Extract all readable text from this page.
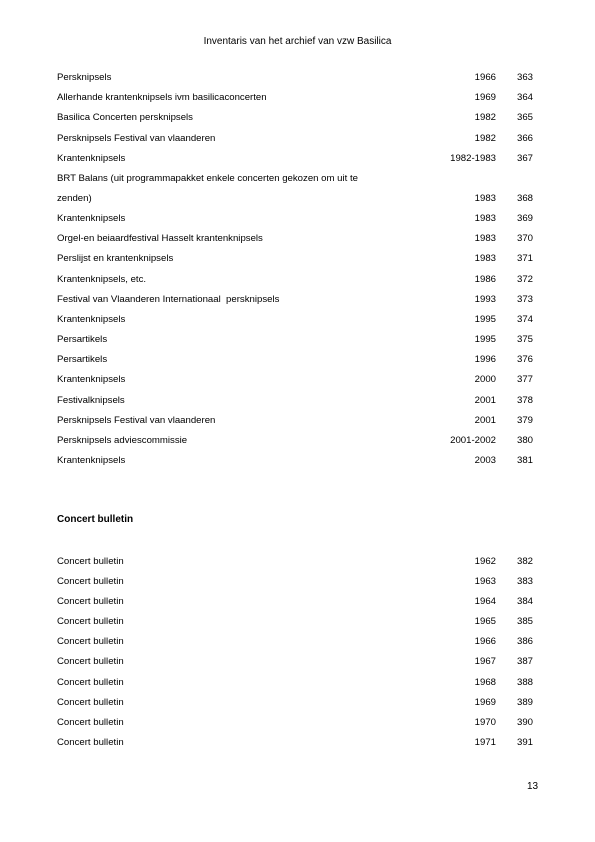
Inventaris van het archief van vzw Basilica
Persknipsels	1966 363
Allerhande krantenknipsels ivm basilicaconcerten	1969 364
Basilica Concerten persknipsels	1982 365
Persknipsels Festival van vlaanderen	1982 366
Krantenknipsels	1982-1983 367
BRT Balans (uit programmapakket enkele concerten gekozen om uit te
zenden)	1983 368
Krantenknipsels	1983 369
Orgel-en beiaardfestival Hasselt krantenknipsels	1983 370
Perslijst en krantenknipsels	1983 371
Krantenknipsels, etc.	1986 372
Festival van Vlaanderen Internationaal  persknipsels	1993 373
Krantenknipsels	1995 374
Persartikels	1995 375
Persartikels	1996 376
Krantenknipsels	2000 377
Festivalknipsels	2001 378
Persknipsels Festival van vlaanderen	2001 379
Persknipsels adviescommissie	2001-2002 380
Krantenknipsels	2003 381
Concert bulletin
Concert bulletin	1962 382
Concert bulletin	1963 383
Concert bulletin	1964 384
Concert bulletin	1965 385
Concert bulletin	1966 386
Concert bulletin	1967 387
Concert bulletin	1968 388
Concert bulletin	1969 389
Concert bulletin	1970 390
Concert bulletin	1971 391
13
